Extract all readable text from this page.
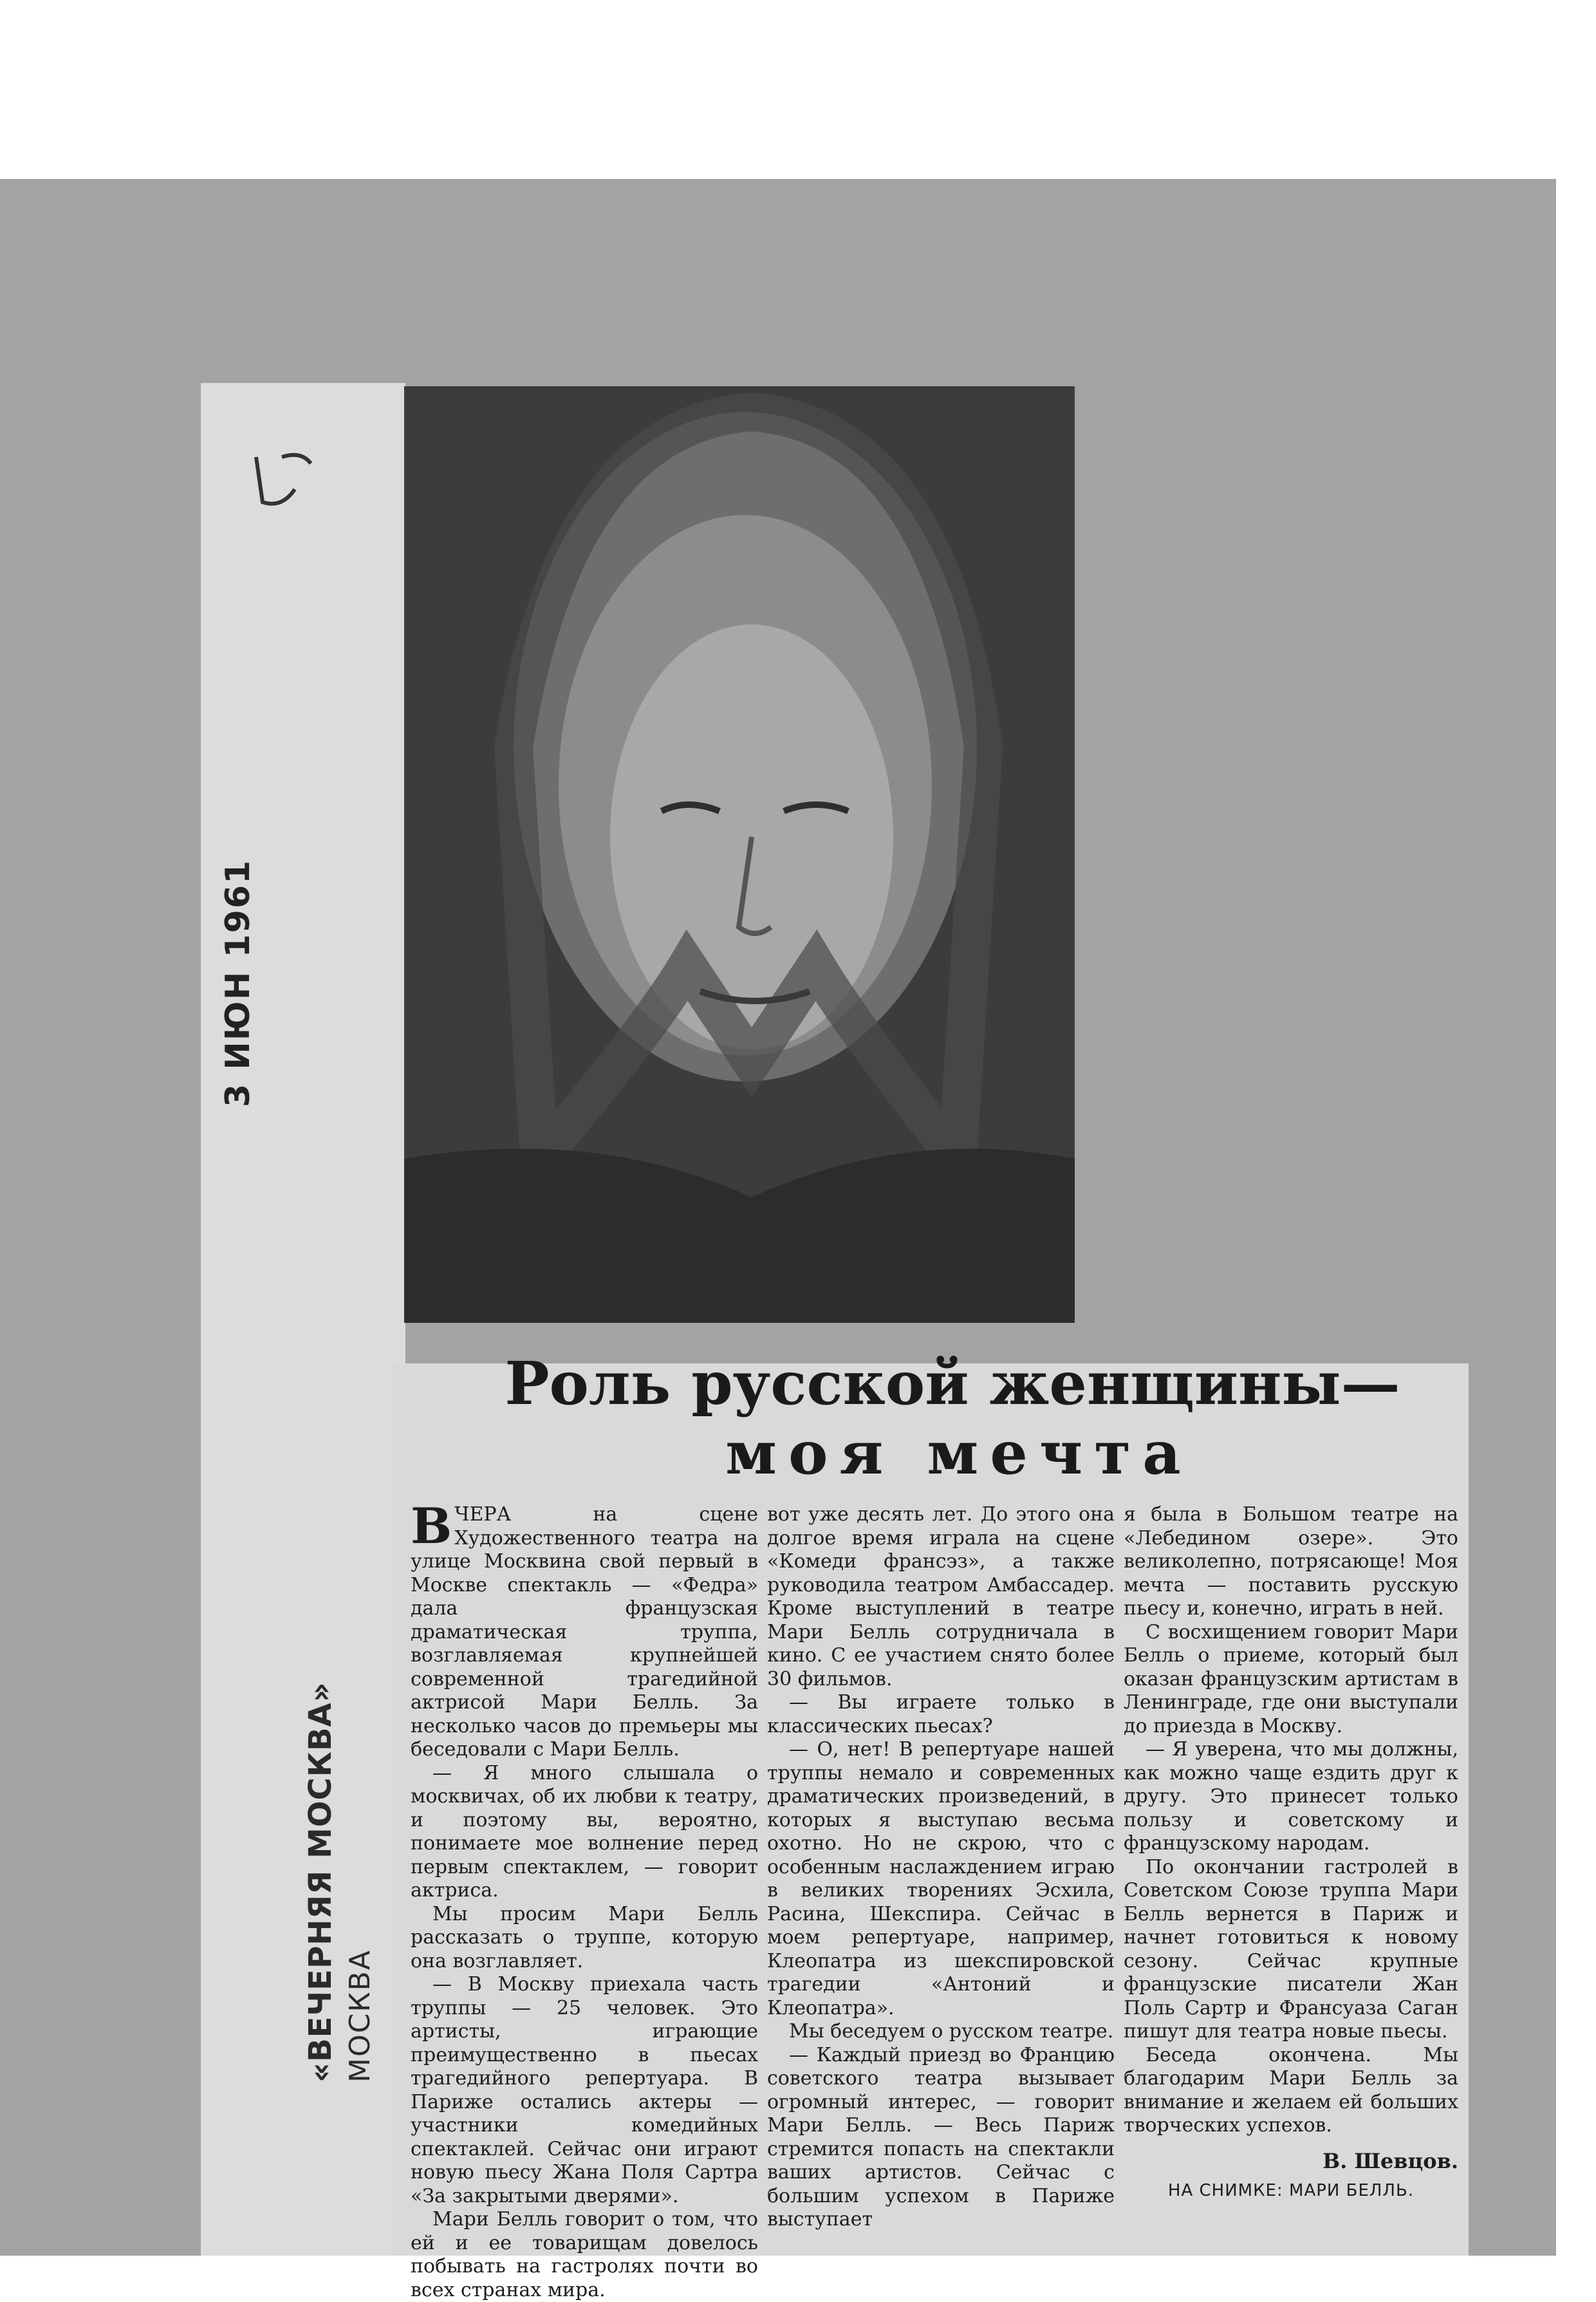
3 ИЮН 1961
«ВЕЧЕРНЯЯ МОСКВА» МОСКВА
Роль русской женщины—
моя мечта

ВЧЕРА на сцене Художественного театра на улице Москвина свой первый в Москве спектакль — «Федра» дала французская драматическая труппа, возглавляемая крупнейшей современной трагедийной актрисой Мари Белль. За несколько часов до премьеры мы беседовали с Мари Белль.

— Я много слышала о москвичах, об их любви к театру, и поэтому вы, вероятно, понимаете мое волнение перед первым спектаклем, — говорит актриса.

Мы просим Мари Белль рассказать о труппе, которую она возглавляет.

— В Москву приехала часть труппы — 25 человек. Это артисты, играющие преимущественно в пьесах трагедийного репертуара. В Париже остались актеры — участники комедийных спектаклей. Сейчас они играют новую пьесу Жана Поля Сартра «За закрытыми дверями».

Мари Белль говорит о том, что ей и ее товарищам довелось побывать на гастролях почти во всех странах мира.

вот уже десять лет. До этого она долгое время играла на сцене «Комеди франсэз», а также руководила театром Амбассадер. Кроме выступлений в театре Мари Белль сотрудничала в кино. С ее участием снято более 30 фильмов.

— Вы играете только в классических пьесах?

— О, нет! В репертуаре нашей труппы немало и современных драматических произведений, в которых я выступаю весьма охотно. Но не скрою, что с особенным наслаждением играю в великих творениях Эсхила, Расина, Шекспира. Сейчас в моем репертуаре, например, Клеопатра из шекспировской трагедии «Антоний и Клеопатра».

Мы беседуем о русском театре.

— Каждый приезд во Францию советского театра вызывает огромный интерес, — говорит Мари Белль. — Весь Париж стремится попасть на спектакли ваших артистов. Сейчас с большим успехом в Париже выступает

я была в Большом театре на «Лебедином озере». Это великолепно, потрясающе! Моя мечта — поставить русскую пьесу и, конечно, играть в ней.

С восхищением говорит Мари Белль о приеме, который был оказан французским артистам в Ленинграде, где они выступали до приезда в Москву.

— Я уверена, что мы должны, как можно чаще ездить друг к другу. Это принесет только пользу и советскому и французскому народам.

По окончании гастролей в Советском Союзе труппа Мари Белль вернется в Париж и начнет готовиться к новому сезону. Сейчас крупные французские писатели Жан Поль Сартр и Франсуаза Саган пишут для театра новые пьесы.

Беседа окончена. Мы благодарим Мари Белль за внимание и желаем ей больших творческих успехов.

В. Шевцов.

НА СНИМКЕ: МАРИ БЕЛЛЬ.
